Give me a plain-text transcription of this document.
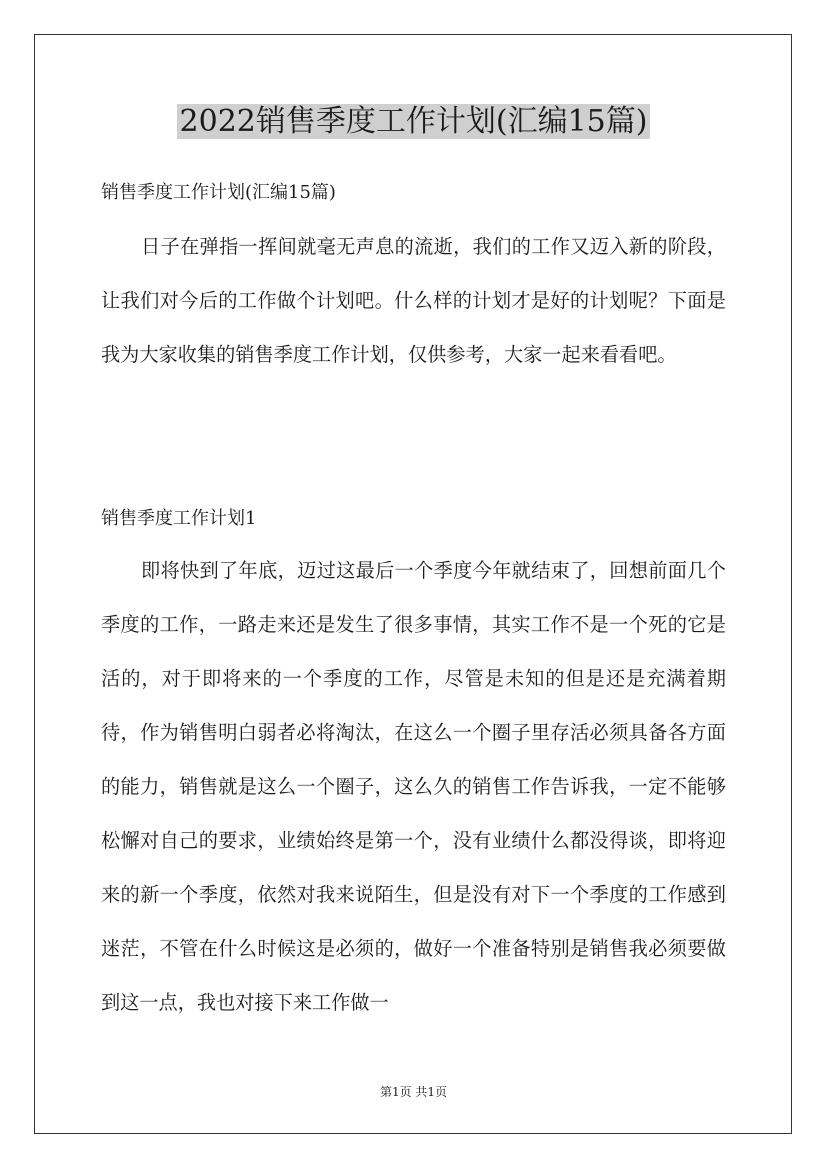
2022销售季度工作计划(汇编15篇)
销售季度工作计划(汇编15篇)

日子在弹指一挥间就毫无声息的流逝，我们的工作又迈入新的阶段，让我们对今后的工作做个计划吧。什么样的计划才是好的计划呢？下面是我为大家收集的销售季度工作计划，仅供参考，大家一起来看看吧。

销售季度工作计划1

即将快到了年底，迈过这最后一个季度今年就结束了，回想前面几个季度的工作，一路走来还是发生了很多事情，其实工作不是一个死的它是活的，对于即将来的一个季度的工作，尽管是未知的但是还是充满着期待，作为销售明白弱者必将淘汰，在这么一个圈子里存活必须具备各方面的能力，销售就是这么一个圈子，这么久的销售工作告诉我，一定不能够松懈对自己的要求，业绩始终是第一个，没有业绩什么都没得谈，即将迎来的新一个季度，依然对我来说陌生，但是没有对下一个季度的工作感到迷茫，不管在什么时候这是必须的，做好一个准备特别是销售我必须要做到这一点，我也对接下来工作做一

第1页 共1页
